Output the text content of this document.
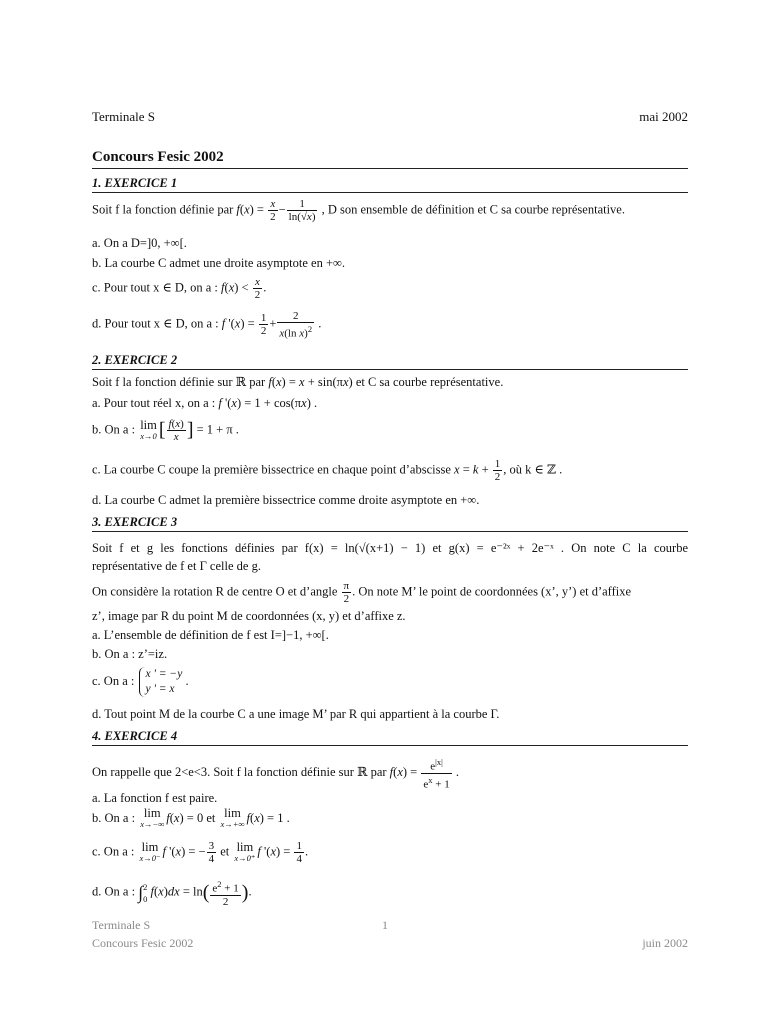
Terminale S	mai 2002
Concours Fesic 2002
1. EXERCICE 1
Soit f la fonction définie par $f(x) = \frac{x}{2} - \frac{1}{\ln(√x)}$ , D son ensemble de définition et C sa courbe représentative.
a. On a D=]0, +∞[.
b. La courbe C admet une droite asymptote en +∞.
c. Pour tout x ∈ D, on a : $f(x) < \frac{x}{2}$ .
d. Pour tout x ∈ D, on a : f '$(x) = \frac{1}{2} + \frac{2}{x(\ln x)^2}$ .
2. EXERCICE 2
Soit f la fonction définie sur ℝ par f(x) = x + sin(πx) et C sa courbe représentative.
a. Pour tout réel x, on a : f '(x) = 1 + cos(πx) .
b. On a : lim
x→0 [ $\frac{f(x)}{x}$ ] = 1 + π .
c. La courbe C coupe la première bissectrice en chaque point d’abscisse $x = k + \frac{1}{2}$ , où k ∈ ℤ .
d. La courbe C admet la première bissectrice comme droite asymptote en +∞.
3. EXERCICE 3
Soit f et g les fonctions définies par f(x) = ln(√(x+1) − 1) et g(x) = e⁻²ˣ + 2e⁻ˣ . On note C la courbe
représentative de f et Γ celle de g.
On considère la rotation R de centre O et d’angle $\frac{\pi}{2}$ . On note M’ le point de coordonnées (x’, y’) et d’affixe
z’, image par R du point M de coordonnées (x, y) et d’affixe z.
a. L’ensemble de définition de f est I=]−1, +∞[.
b. On a : z’=iz.
c. On a : x ' = −y
y ' = x .
d. Tout point M de la courbe C a une image M’ par R qui appartient à la courbe Γ.
4. EXERCICE 4
On rappelle que 2<e<3. Soit f la fonction définie sur ℝ par $f(x) = \frac{e^{|x|}}{e^x + 1}$ .
a. La fonction f est paire.
b. On a : lim
x→−∞ f(x) = 0 et lim
x→+∞ f(x) = 1 .
c. On a : lim
x→0⁻ f '(x) = − $\frac{3}{4}$ et lim
x→0⁺ f '$(x) = \frac{1}{4}$ .
d. On a : ∫2
0 $f(x)dx = \ln( \frac{e^2 + 1}{2}$ ).
Terminale S	1
Concours Fesic 2002	juin 2002
